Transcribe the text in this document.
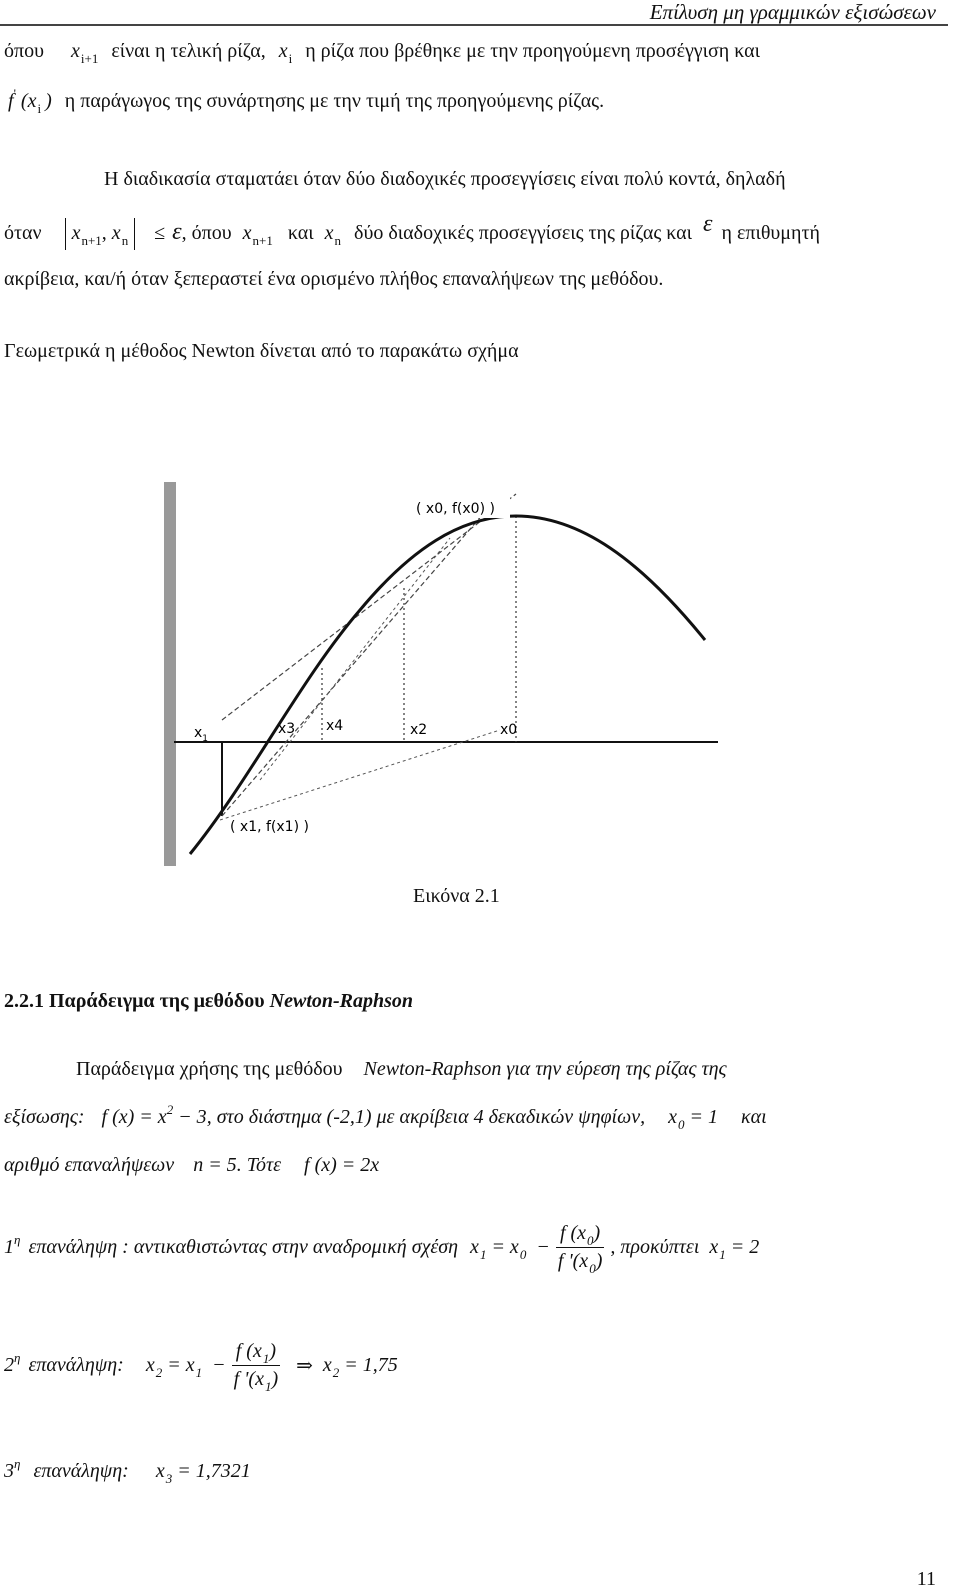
Επίλυση μη γραμμικών εξισώσεων
όπου $x_{i+1}$ είναι η τελική ρίζα, $x_i$ η ρίζα που βρέθηκε με την προηγούμενη προσέγγιση και
f' ($x_i$ ) η παράγωγος της συνάρτησης με την τιμή της προηγούμενης ρίζας.
Η διαδικασία σταματάει όταν δύο διαδοχικές προσεγγίσεις είναι πολύ κοντά, δηλαδή
όταν $x_{n+1}$, $x_n \le \varepsilon$, όπου $x_{n+1}$ και $x_n$ δύο διαδοχικές προσεγγίσεις της ρίζας και ε η επιθυμητή
ακρίβεια, και/ή όταν ξεπεραστεί ένα ορισμένο πλήθος επαναλήψεων της μεθόδου.
Γεωμετρικά η μέθοδος Newton δίνεται από το παρακάτω σχήμα
( x0, f(x0) )
( x1, f(x1) )
$x_1$
x3 x4	x2	x0
Εικόνα 2.1
2.2.1 Παράδειγμα της μεθόδου Newton-Raphson
Παράδειγμα χρήσης της μεθόδου Newton-Raphson για την εύρεση της ρίζας της
εξίσωσης: f $(x) = x^2 - 3$, στο διάστημα (-2,1) με ακρίβεια 4 δεκαδικών ψηφίων, $x_0 = 1$ και
αριθμό επαναλήψεων n = 5. Τότε f (x) = 2x
$1^\eta$ επανάληψη : αντικαθιστώντας στην αναδρομική σχέση $x_1 = x_0 - \frac{f (x_0)}{f '(x_0)}$ , προκύπτει $x_1 = 2$
$2^\eta$ επανάληψη: $x_2 = x_1 - \frac{f (x_1)}{f '(x_1)}$ ⇒ $x_2 = 1,75$
$3^\eta$ επανάληψη: $x_3 = 1,7321$
11
